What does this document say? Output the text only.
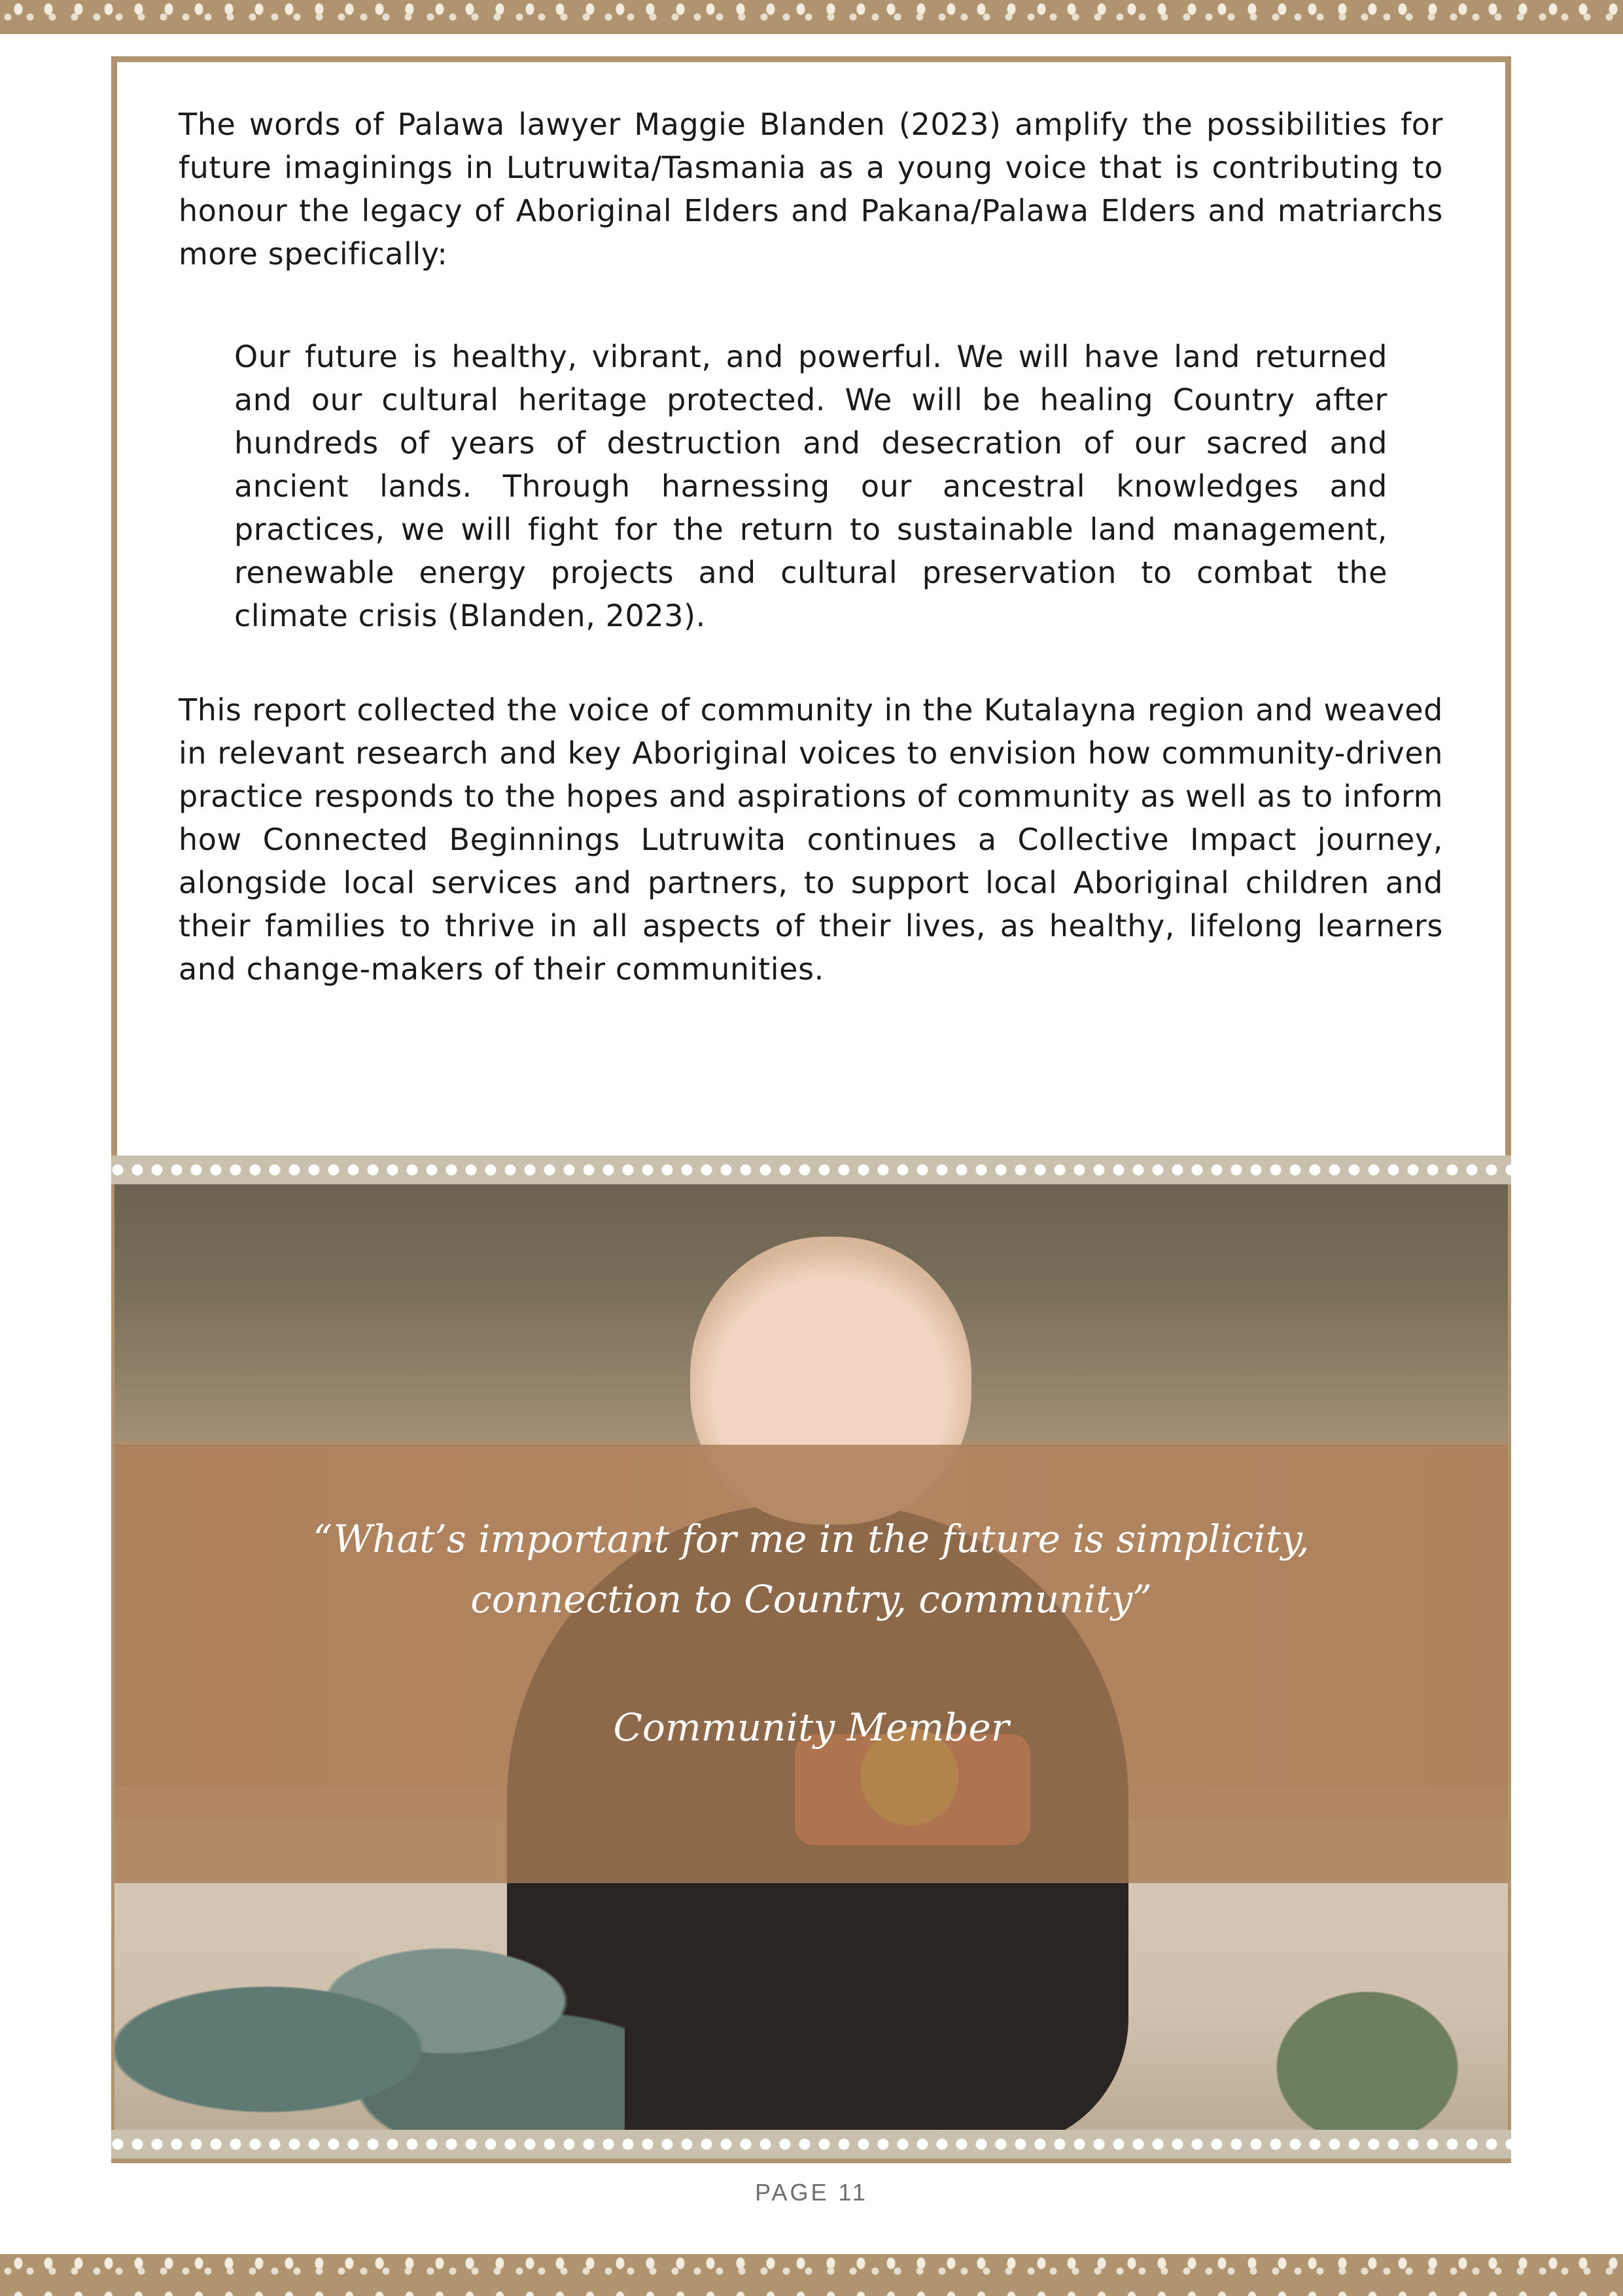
The words of Palawa lawyer Maggie Blanden (2023) amplify the possibilities for future imaginings in Lutruwita/Tasmania as a young voice that is contributing to honour the legacy of Aboriginal Elders and Pakana/Palawa Elders and matriarchs more specifically:

Our future is healthy, vibrant, and powerful. We will have land returned and our cultural heritage protected. We will be healing Country after hundreds of years of destruction and desecration of our sacred and ancient lands. Through harnessing our ancestral knowledges and practices, we will fight for the return to sustainable land management, renewable energy projects and cultural preservation to combat the climate crisis (Blanden, 2023).

This report collected the voice of community in the Kutalayna region and weaved in relevant research and key Aboriginal voices to envision how community-driven practice responds to the hopes and aspirations of community as well as to inform how Connected Beginnings Lutruwita continues a Collective Impact journey, alongside local services and partners, to support local Aboriginal children and their families to thrive in all aspects of their lives, as healthy, lifelong learners and change-makers of their communities.

“What’s important for me in the future is simplicity, connection to Country, community”

Community Member

PAGE 11
